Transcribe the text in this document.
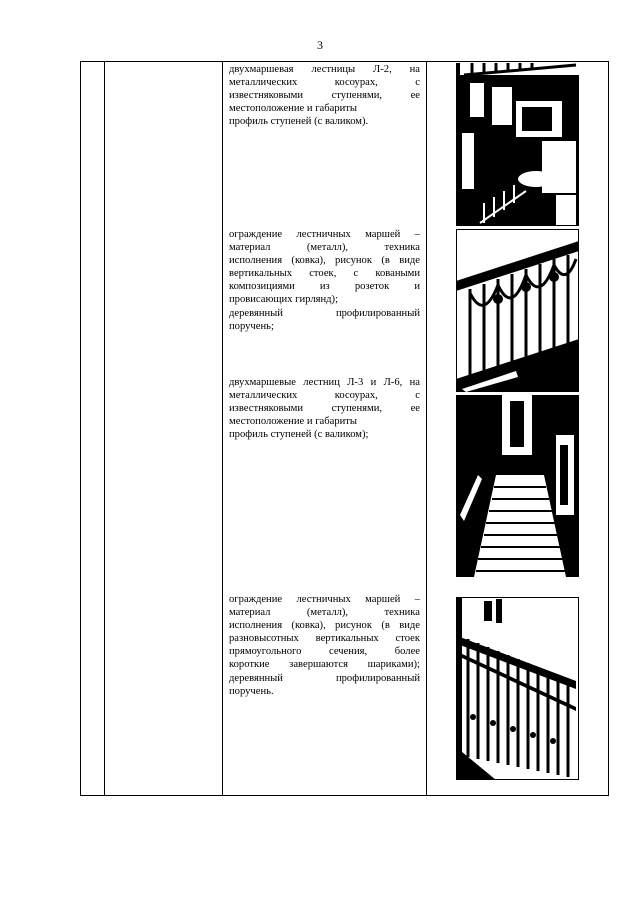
3

двухмаршевая лестницы Л-2, на

металлических косоурах, с

известняковыми ступенями, ее

местоположение и габариты

профиль ступеней (с валиком).

ограждение лестничных маршей –

материал (металл), техника

исполнения (ковка), рисунок (в виде

вертикальных стоек, с коваными

композициями из розеток и

провисающих гирлянд);

деревянный профилированный

поручень;

двухмаршевые лестниц Л-3 и Л-6, на

металлических косоурах, с

известняковыми ступенями, ее

местоположение и габариты

профиль ступеней (с валиком);

ограждение лестничных маршей –

материал (металл), техника

исполнения (ковка), рисунок (в виде

разновысотных вертикальных стоек

прямоугольного сечения, более

короткие завершаются шариками);

деревянный профилированный

поручень.
